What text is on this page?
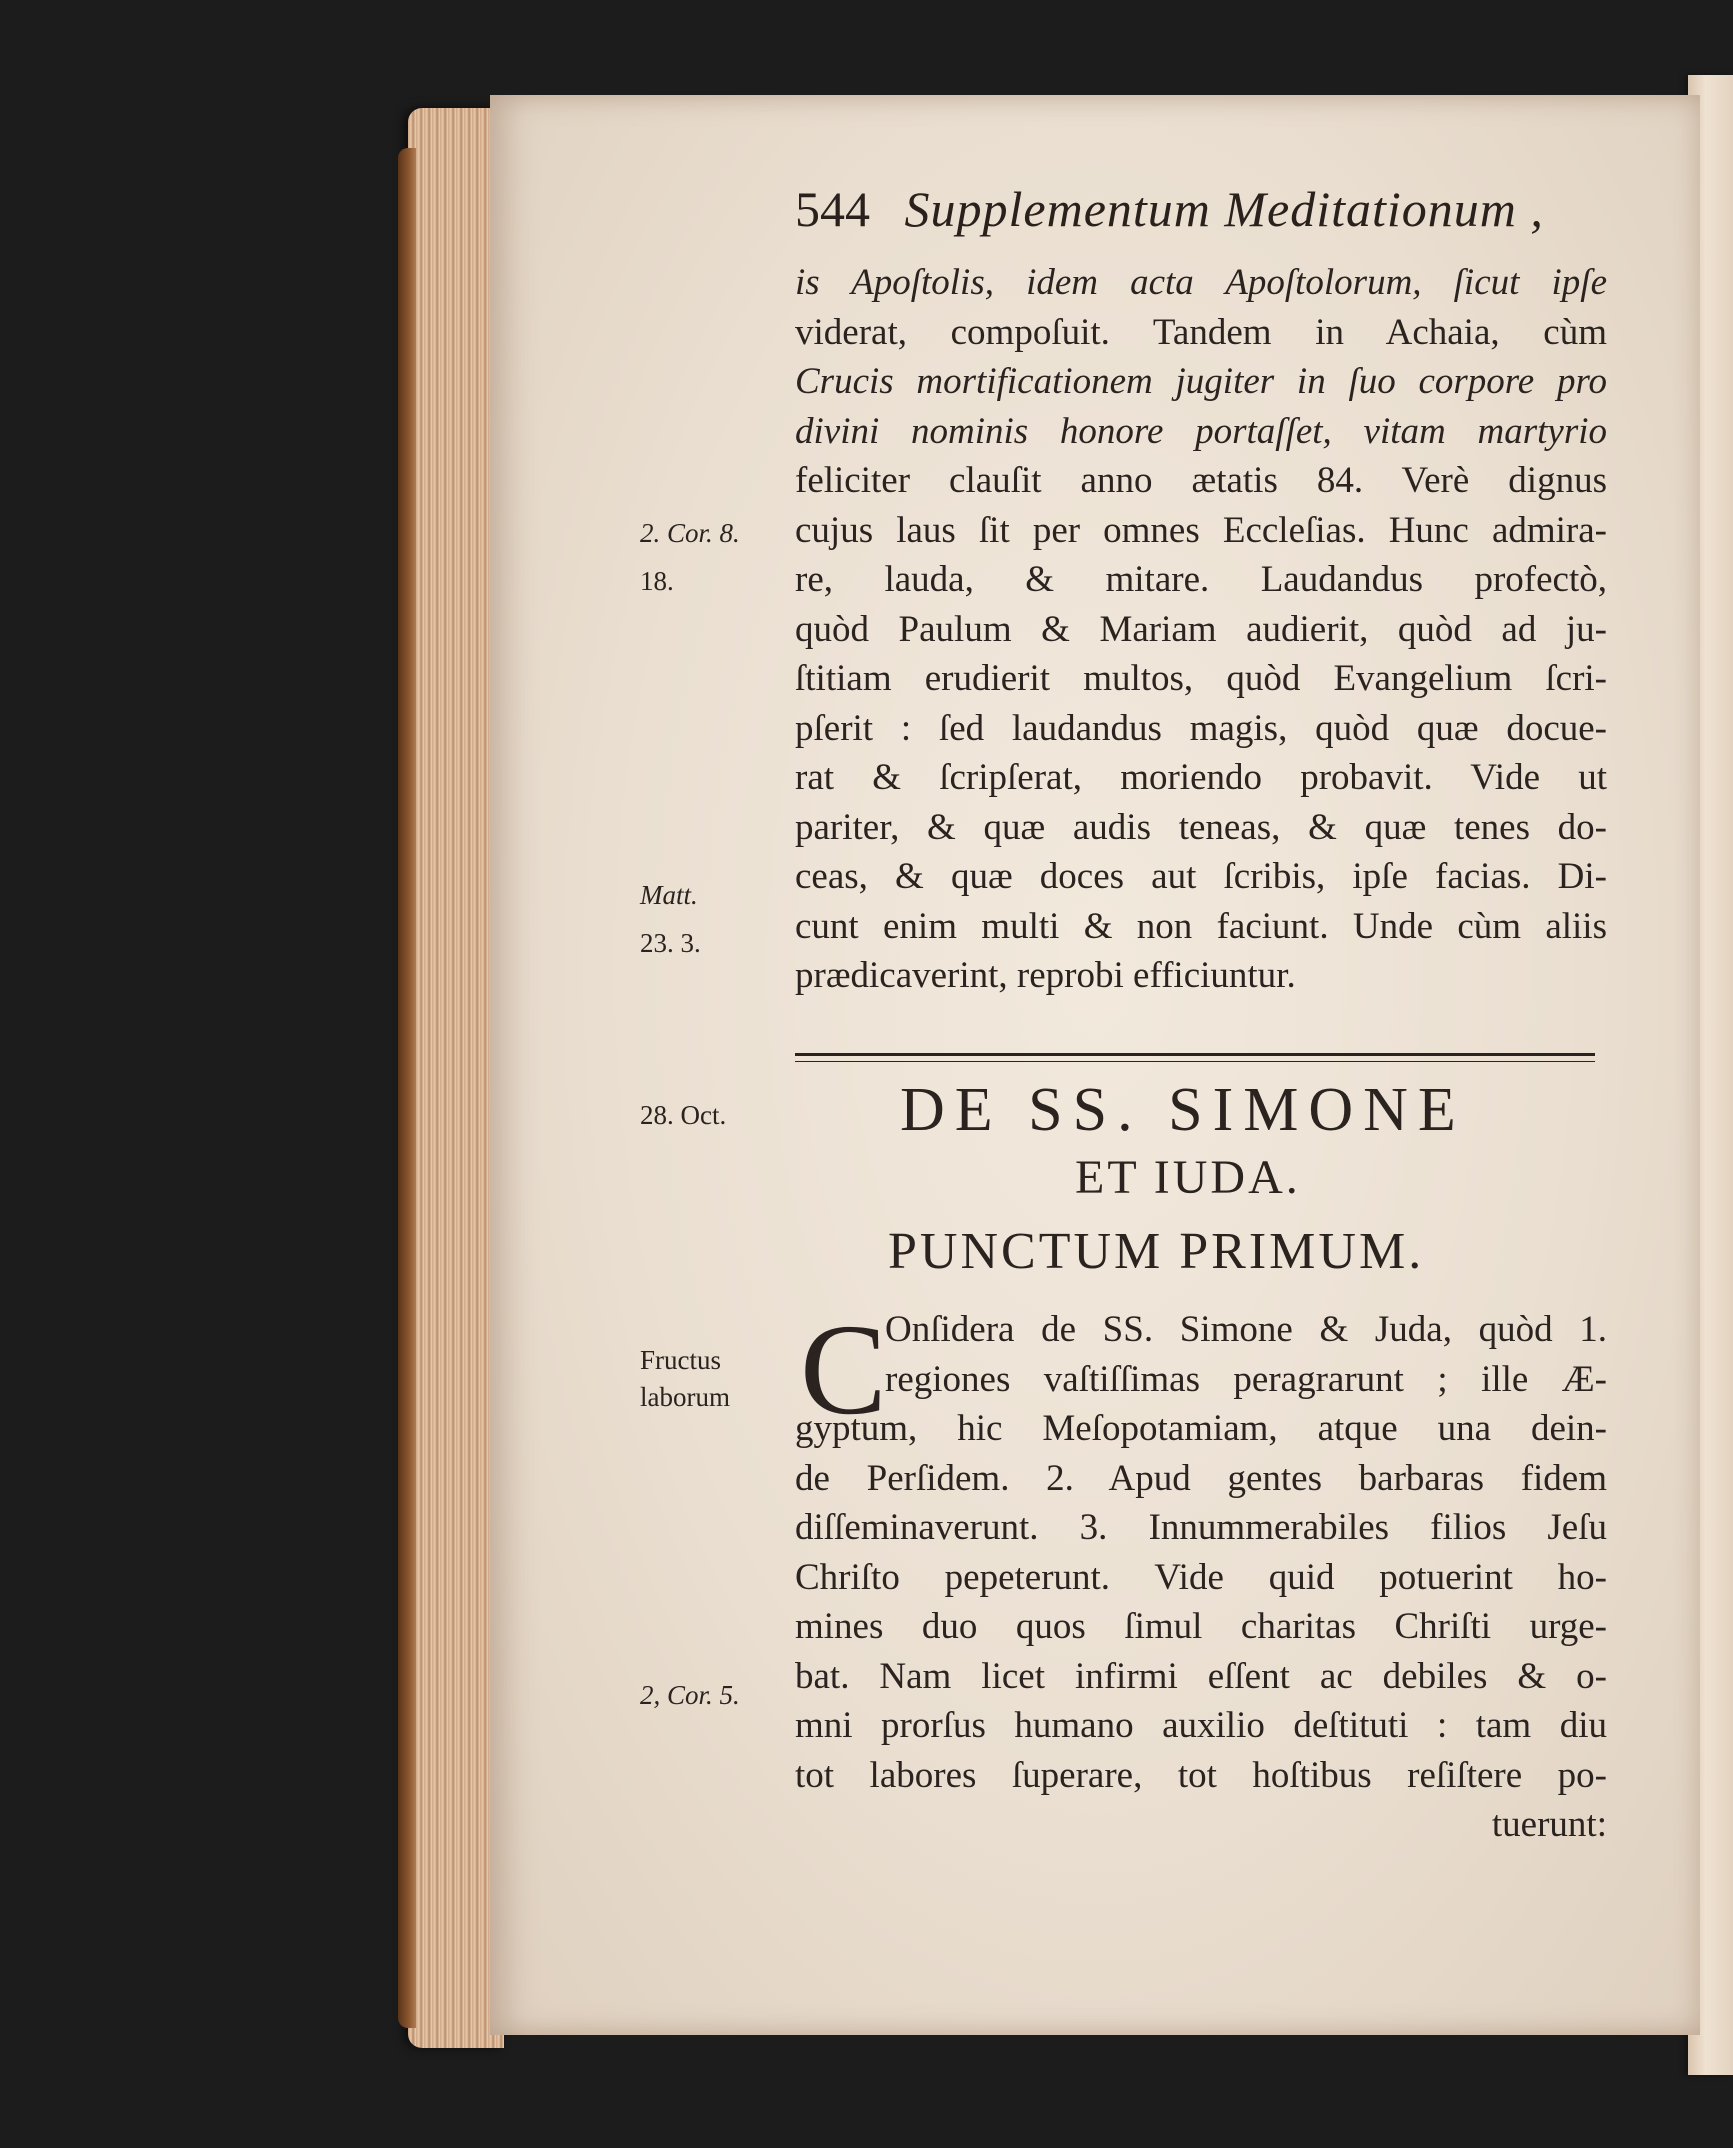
544 Supplementum Meditationum ,
is Apoſtolis, idem acta Apoſtolorum, ſicut ipſe
viderat, compoſuit. Tandem in Achaia, cùm
Crucis mortificationem jugiter in ſuo corpore pro
divini nominis honore portaſſet, vitam martyrio
feliciter clauſit anno ætatis 84. Verè dignus
cujus laus ſit per omnes Eccleſias. Hunc admira-
re, lauda, & mitare. Laudandus profectò,
quòd Paulum & Mariam audierit, quòd ad ju-
ſtitiam erudierit multos, quòd Evangelium ſcri-
pſerit : ſed laudandus magis, quòd quæ docue-
rat & ſcripſerat, moriendo probavit. Vide ut
pariter, & quæ audis teneas, & quæ tenes do-
ceas, & quæ doces aut ſcribis, ipſe facias. Di-
cunt enim multi & non faciunt. Unde cùm aliis
prædicaverint, reprobi efficiuntur.
2. Cor. 8.
18.
Matt.
23. 3.
28. Oct.	DE SS. SIMONE
ET IUDA.
PUNCTUM PRIMUM.
C
Fructus
laborum
2, Cor. 5.
Onſidera de SS. Simone & Juda, quòd 1.
regiones vaſtiſſimas peragrarunt ; ille Æ-
gyptum, hic Meſopotamiam, atque una dein-
de Perſidem. 2. Apud gentes barbaras fidem
diſſeminaverunt. 3. Innummerabiles filios Jeſu
Chriſto pepeterunt. Vide quid potuerint ho-
mines duo quos ſimul charitas Chriſti urge-
bat. Nam licet infirmi eſſent ac debiles & o-
mni prorſus humano auxilio deſtituti : tam diu
tot labores ſuperare, tot hoſtibus reſiſtere po-
tuerunt:
